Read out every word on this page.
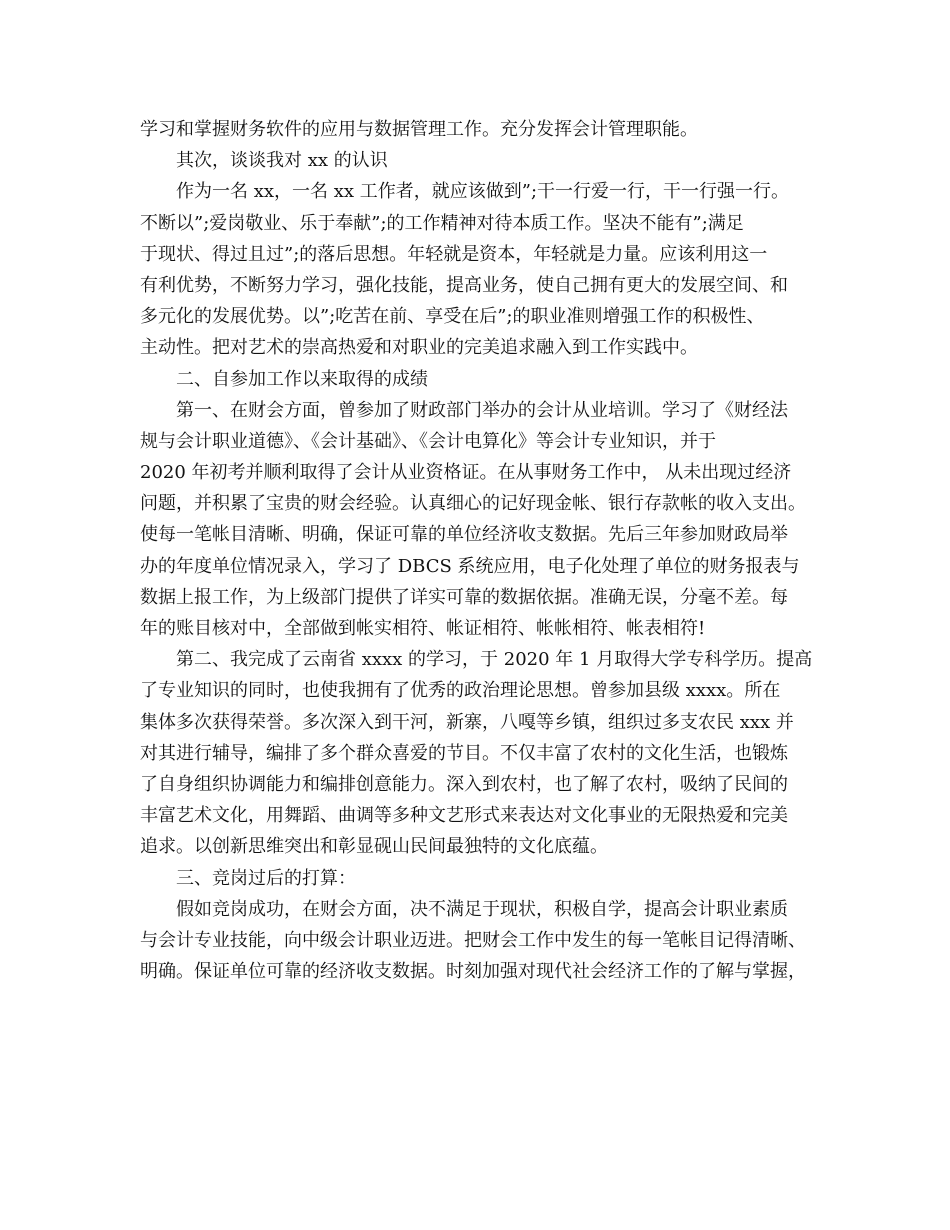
学习和掌握财务软件的应用与数据管理工作。充分发挥会计管理职能。
其次，谈谈我对 xx 的认识
作为一名 xx，一名 xx 工作者，就应该做到”;干一行爱一行，干一行强一行。
不断以”;爱岗敬业、乐于奉献”;的工作精神对待本质工作。坚决不能有”;满足
于现状、得过且过”;的落后思想。年轻就是资本，年轻就是力量。应该利用这一
有利优势，不断努力学习，强化技能，提高业务，使自己拥有更大的发展空间、和
多元化的发展优势。以”;吃苦在前、享受在后”;的职业准则增强工作的积极性、
主动性。把对艺术的崇高热爱和对职业的完美追求融入到工作实践中。
二、自参加工作以来取得的成绩
第一、在财会方面，曾参加了财政部门举办的会计从业培训。学习了《财经法
规与会计职业道德》、《会计基础》、《会计电算化》等会计专业知识，并于
2020 年初考并顺利取得了会计从业资格证。在从事财务工作中， 从未出现过经济
问题，并积累了宝贵的财会经验。认真细心的记好现金帐、银行存款帐的收入支出。
使每一笔帐目清晰、明确，保证可靠的单位经济收支数据。先后三年参加财政局举
办的年度单位情况录入，学习了 DBCS 系统应用，电子化处理了单位的财务报表与
数据上报工作，为上级部门提供了详实可靠的数据依据。准确无误，分毫不差。每
年的账目核对中，全部做到帐实相符、帐证相符、帐帐相符、帐表相符!
第二、我完成了云南省 xxxx 的学习，于 2020 年 1 月取得大学专科学历。提高
了专业知识的同时，也使我拥有了优秀的政治理论思想。曾参加县级 xxxx。所在
集体多次获得荣誉。多次深入到干河，新寨，八嘎等乡镇，组织过多支农民 xxx 并
对其进行辅导，编排了多个群众喜爱的节目。不仅丰富了农村的文化生活，也锻炼
了自身组织协调能力和编排创意能力。深入到农村，也了解了农村，吸纳了民间的
丰富艺术文化，用舞蹈、曲调等多种文艺形式来表达对文化事业的无限热爱和完美
追求。以创新思维突出和彰显砚山民间最独特的文化底蕴。
三、竞岗过后的打算：
假如竞岗成功，在财会方面，决不满足于现状，积极自学，提高会计职业素质
与会计专业技能，向中级会计职业迈进。把财会工作中发生的每一笔帐目记得清晰、
明确。保证单位可靠的经济收支数据。时刻加强对现代社会经济工作的了解与掌握，
